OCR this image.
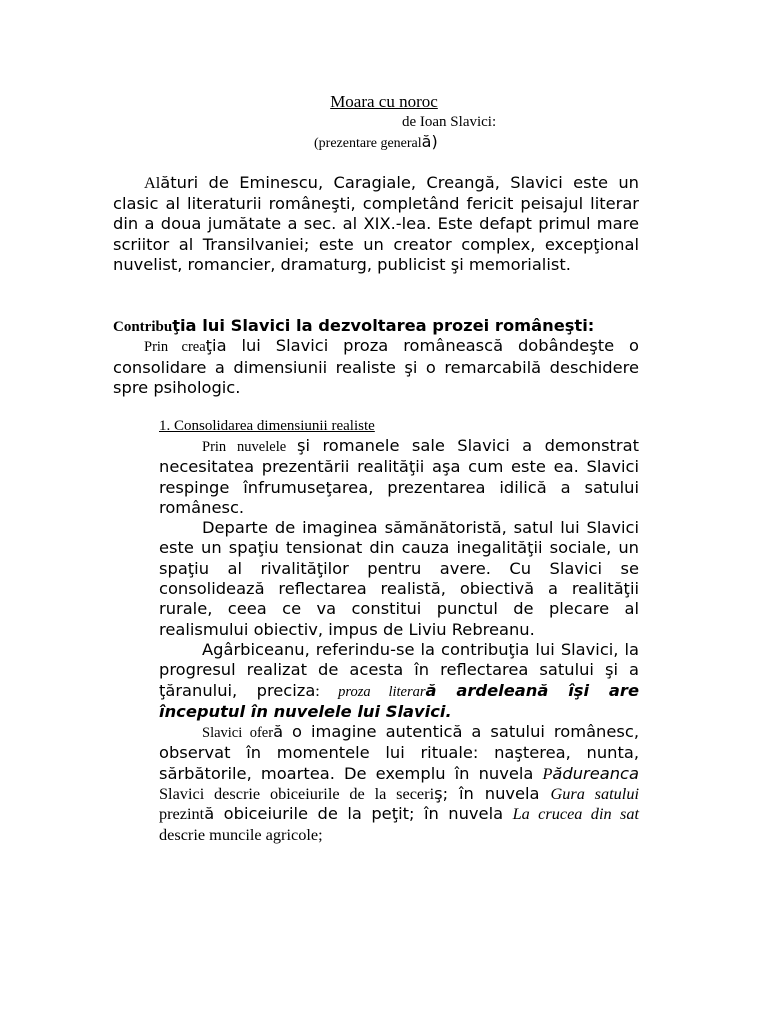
Moara cu noroc
de Ioan Slavici:
(prezentare generală)

Alături de Eminescu, Caragiale, Creangă, Slavici este un clasic al literaturii româneşti, completând fericit peisajul literar din a doua jumătate a sec. al XIX.-lea. Este defapt primul mare scriitor al Transilvaniei; este un creator complex, excepţional nuvelist, romancier, dramaturg, publicist şi memorialist.

Contribuţia lui Slavici la dezvoltarea prozei româneşti:

Prin creaţia lui Slavici proza românească dobândeşte o consolidare a dimensiunii realiste şi o remarcabilă deschidere spre psihologic.

1. Consolidarea dimensiunii realiste

Prin nuvelele şi romanele sale Slavici a demonstrat necesitatea prezentării realităţii aşa cum este ea. Slavici respinge înfrumuseţarea, prezentarea idilică a satului românesc.

Departe de imaginea sămănătoristă, satul lui Slavici este un spaţiu tensionat din cauza inegalităţii sociale, un spaţiu al rivalităţilor pentru avere. Cu Slavici se consolidează reflectarea realistă, obiectivă a realităţii rurale, ceea ce va constitui punctul de plecare al realismului obiectiv, impus de Liviu Rebreanu.

Agârbiceanu, referindu-se la contribuţia lui Slavici, la progresul realizat de acesta în reflectarea satului şi a ţăranului, preciza: proza literară ardeleană îşi are începutul în nuvelele lui Slavici.

Slavici oferă o imagine autentică a satului românesc, observat în momentele lui rituale: naşterea, nunta, sărbătorile, moartea. De exemplu în nuvela Pădureanca Slavici descrie obiceiurile de la seceriş; în nuvela Gura satului prezintă obiceiurile de la peţit; în nuvela La crucea din sat descrie muncile agricole;
